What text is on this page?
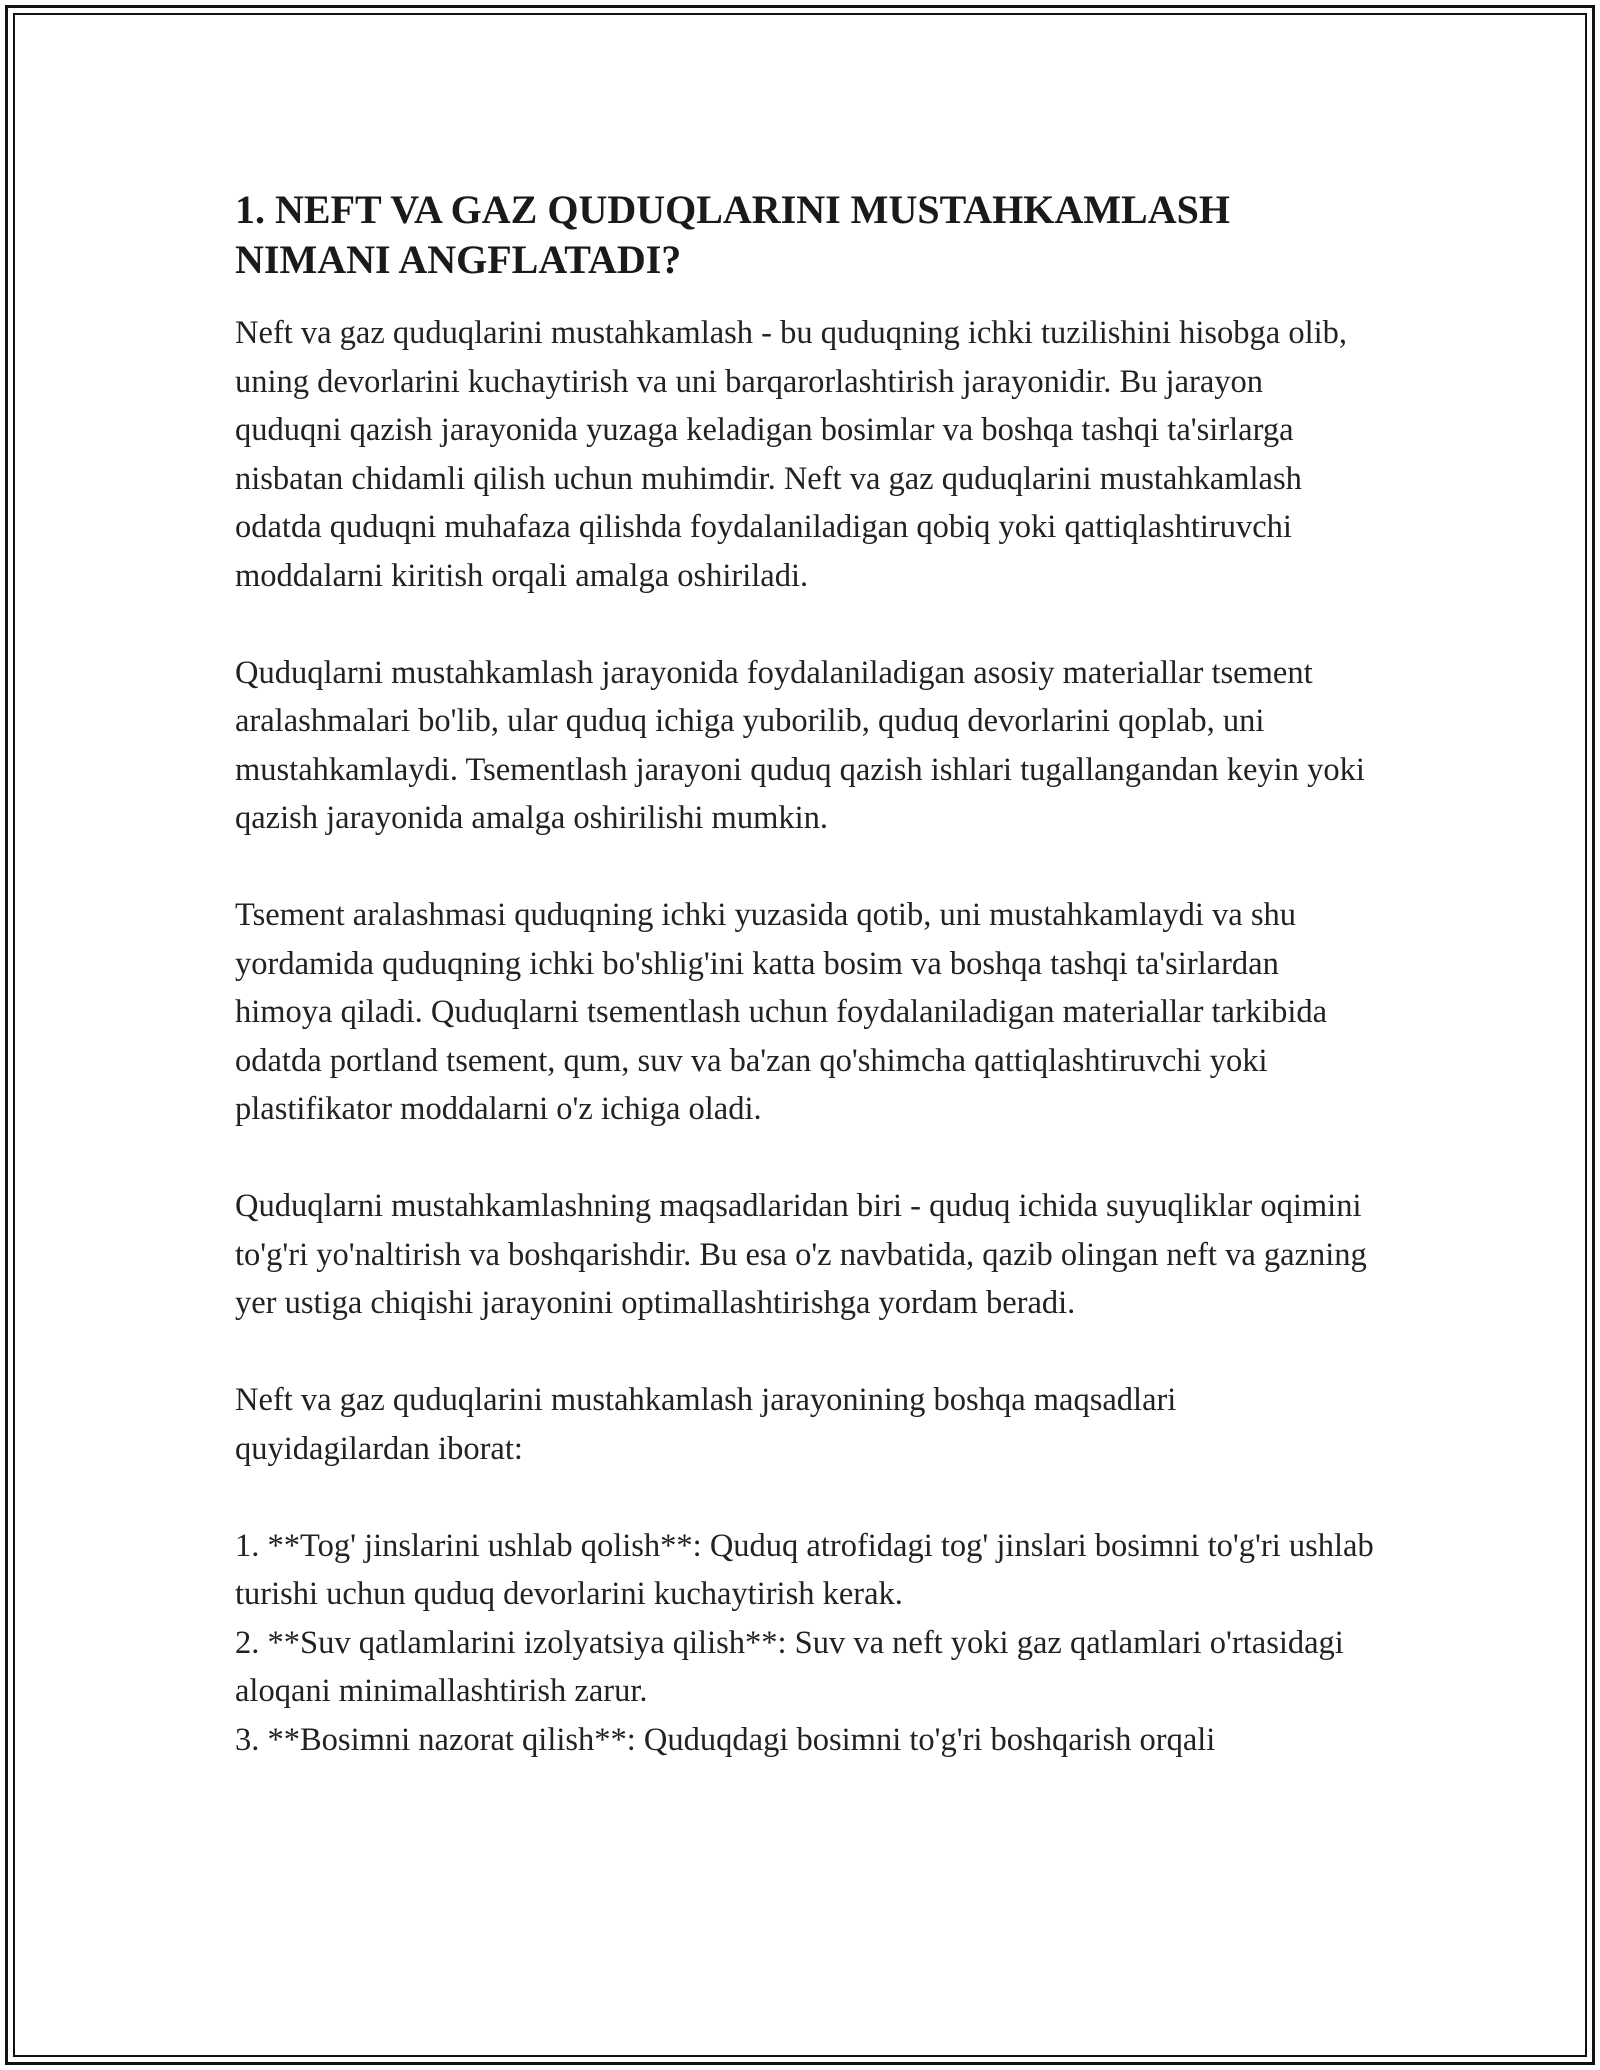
1. NEFT VA GAZ QUDUQLARINI MUSTAHKAMLASH NIMANI ANGFLATADI?

Neft va gaz quduqlarini mustahkamlash - bu quduqning ichki tuzilishini hisobga olib, uning devorlarini kuchaytirish va uni barqarorlashtirish jarayonidir. Bu jarayon quduqni qazish jarayonida yuzaga keladigan bosimlar va boshqa tashqi ta'sirlarga nisbatan chidamli qilish uchun muhimdir. Neft va gaz quduqlarini mustahkamlash odatda quduqni muhafaza qilishda foydalaniladigan qobiq yoki qattiqlashtiruvchi moddalarni kiritish orqali amalga oshiriladi.

Quduqlarni mustahkamlash jarayonida foydalaniladigan asosiy materiallar tsement aralashmalari bo'lib, ular quduq ichiga yuborilib, quduq devorlarini qoplab, uni mustahkamlaydi. Tsementlash jarayoni quduq qazish ishlari tugallangandan keyin yoki qazish jarayonida amalga oshirilishi mumkin.

Tsement aralashmasi quduqning ichki yuzasida qotib, uni mustahkamlaydi va shu yordamida quduqning ichki bo'shlig'ini katta bosim va boshqa tashqi ta'sirlardan himoya qiladi. Quduqlarni tsementlash uchun foydalaniladigan materiallar tarkibida odatda portland tsement, qum, suv va ba'zan qo'shimcha qattiqlashtiruvchi yoki plastifikator moddalarni o'z ichiga oladi.

Quduqlarni mustahkamlashning maqsadlaridan biri - quduq ichida suyuqliklar oqimini to'g'ri yo'naltirish va boshqarishdir. Bu esa o'z navbatida, qazib olingan neft va gazning yer ustiga chiqishi jarayonini optimallashtirishga yordam beradi.

Neft va gaz quduqlarini mustahkamlash jarayonining boshqa maqsadlari quyidagilardan iborat:

1. **Tog' jinslarini ushlab qolish**: Quduq atrofidagi tog' jinslari bosimni to'g'ri ushlab turishi uchun quduq devorlarini kuchaytirish kerak.
2. **Suv qatlamlarini izolyatsiya qilish**: Suv va neft yoki gaz qatlamlari o'rtasidagi aloqani minimallashtirish zarur.
3. **Bosimni nazorat qilish**: Quduqdagi bosimni to'g'ri boshqarish orqali
